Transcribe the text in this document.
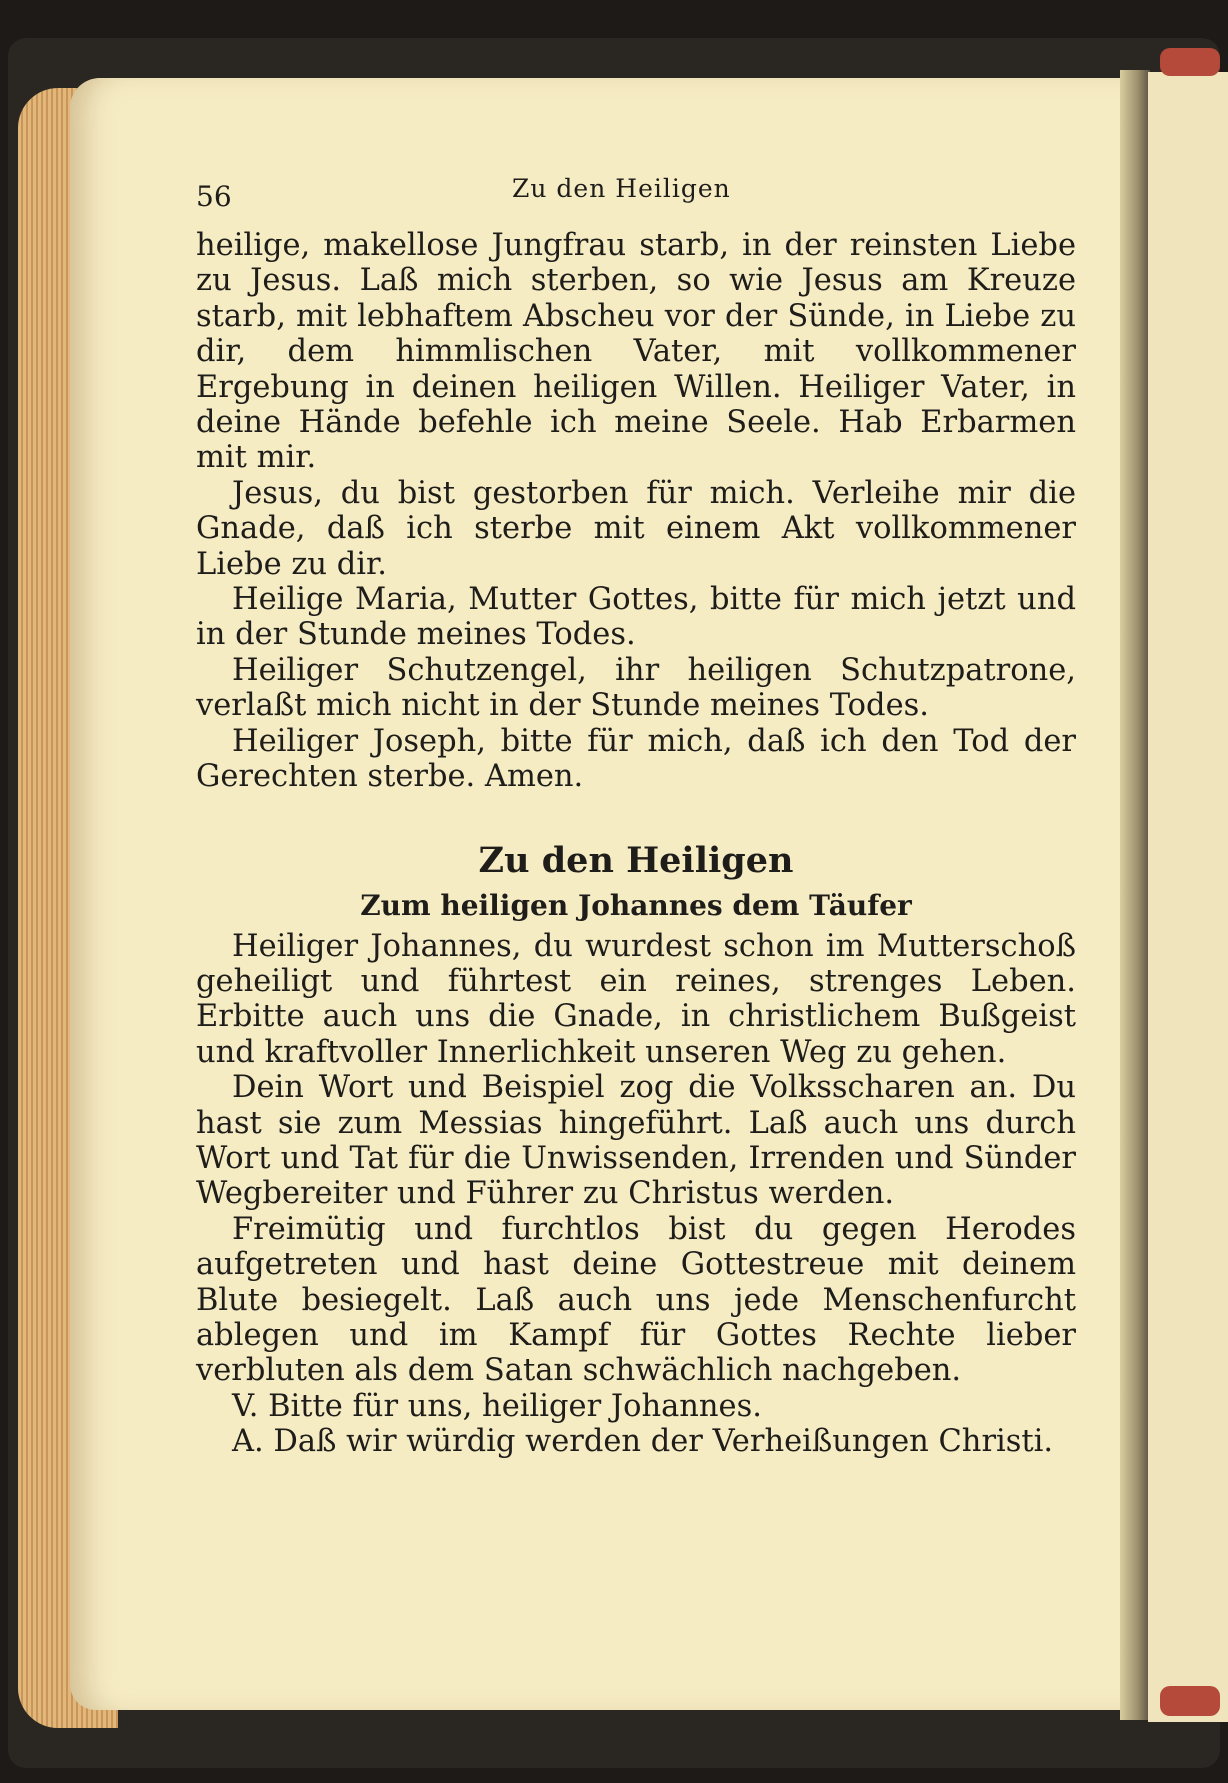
56	Zu den Heiligen

heilige, makellose Jungfrau starb, in der reinsten Liebe zu Jesus. Laß mich sterben, so wie Jesus am Kreuze starb, mit lebhaftem Abscheu vor der Sünde, in Liebe zu dir, dem himmlischen Vater, mit vollkommener Ergebung in deinen heiligen Willen. Heiliger Vater, in deine Hände befehle ich meine Seele. Hab Erbarmen mit mir.

Jesus, du bist gestorben für mich. Verleihe mir die Gnade, daß ich sterbe mit einem Akt vollkommener Liebe zu dir.

Heilige Maria, Mutter Gottes, bitte für mich jetzt und in der Stunde meines Todes.

Heiliger Schutzengel, ihr heiligen Schutzpatrone, verlaßt mich nicht in der Stunde meines Todes.

Heiliger Joseph, bitte für mich, daß ich den Tod der Gerechten sterbe. Amen.

Zu den Heiligen
Zum heiligen Johannes dem Täufer

Heiliger Johannes, du wurdest schon im Mutterschoß geheiligt und führtest ein reines, strenges Leben. Erbitte auch uns die Gnade, in christlichem Bußgeist und kraftvoller Innerlichkeit unseren Weg zu gehen.

Dein Wort und Beispiel zog die Volksscharen an. Du hast sie zum Messias hingeführt. Laß auch uns durch Wort und Tat für die Unwissenden, Irrenden und Sünder Wegbereiter und Führer zu Christus werden.

Freimütig und furchtlos bist du gegen Herodes aufgetreten und hast deine Gottestreue mit deinem Blute besiegelt. Laß auch uns jede Menschenfurcht ablegen und im Kampf für Gottes Rechte lieber verbluten als dem Satan schwächlich nachgeben.

V. Bitte für uns, heiliger Johannes.

A. Daß wir würdig werden der Verheißungen Christi.
